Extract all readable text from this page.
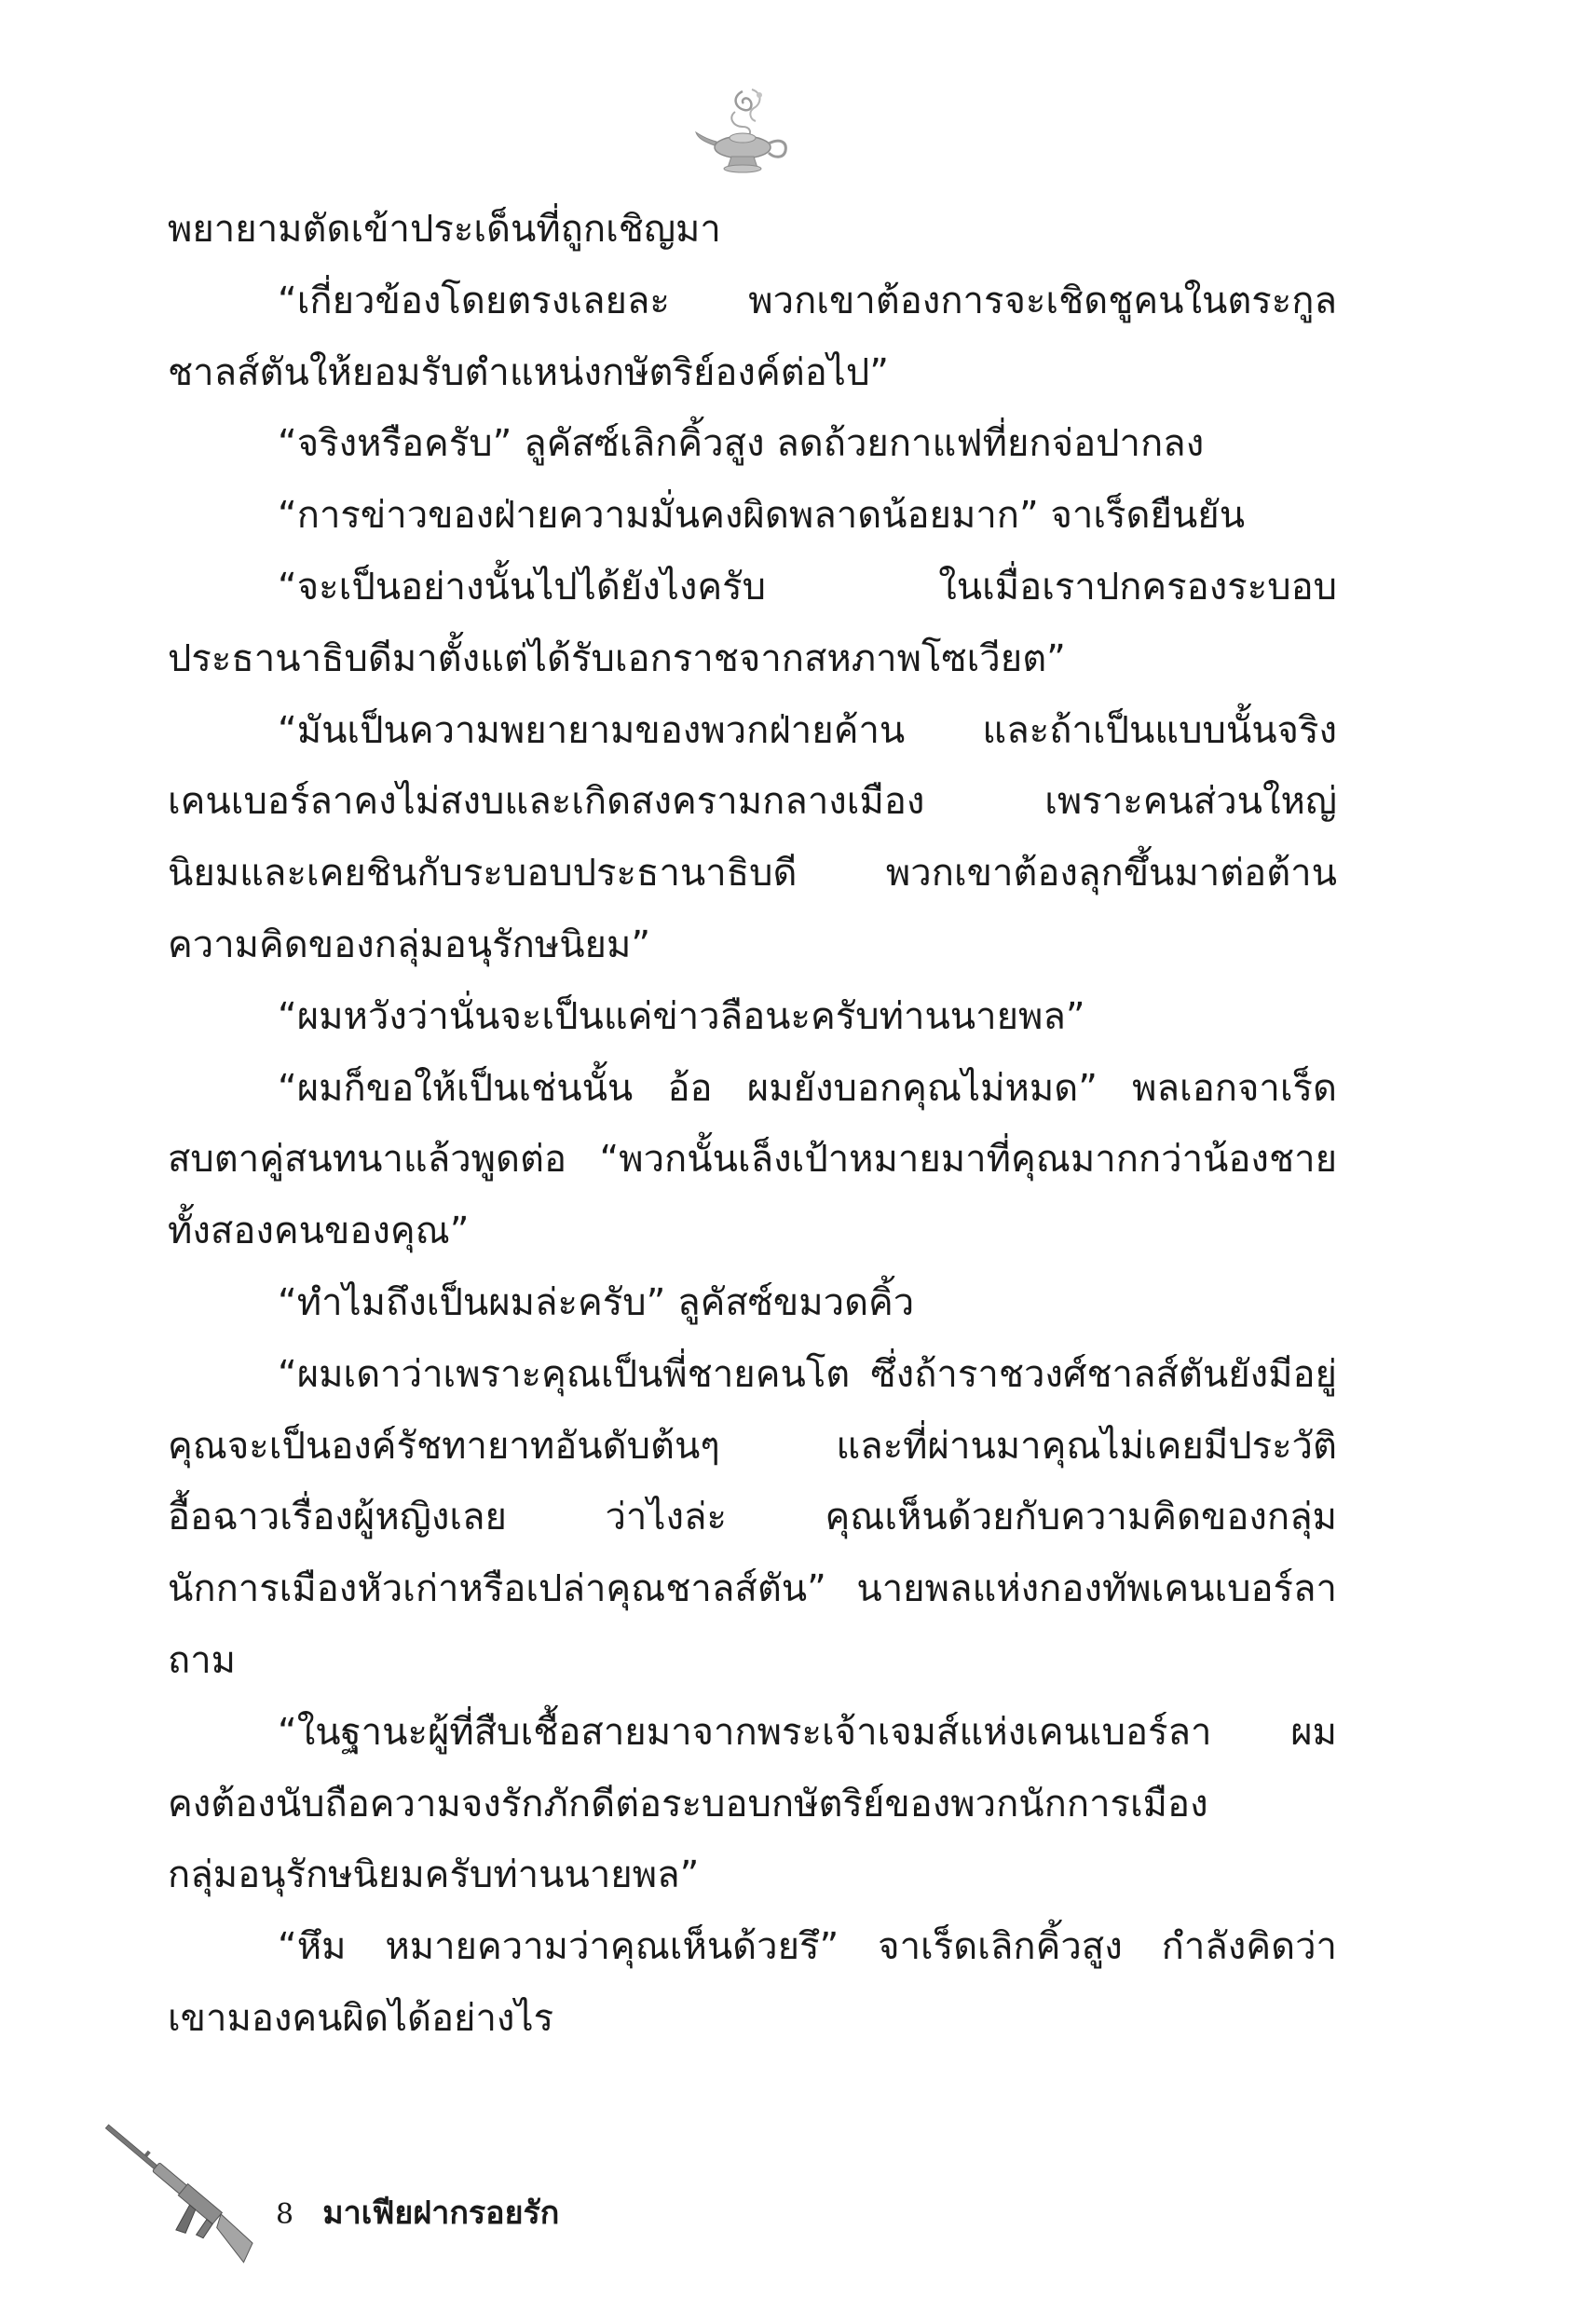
พยายามตัดเข้าประเด็นที่ถูกเชิญมา
“เกี่ยวข้องโดยตรงเลยละ พวกเขาต้องการจะเชิดชูคนในตระกูล
ชาลส์ตันให้ยอมรับตำแหน่งกษัตริย์องค์ต่อไป”
“จริงหรือครับ” ลูคัสซ์เลิกคิ้วสูง ลดถ้วยกาแฟที่ยกจ่อปากลง
“การข่าวของฝ่ายความมั่นคงผิดพลาดน้อยมาก” จาเร็ดยืนยัน
“จะเป็นอย่างนั้นไปได้ยังไงครับ ในเมื่อเราปกครองระบอบ
ประธานาธิบดีมาตั้งแต่ได้รับเอกราชจากสหภาพโซเวียต”
“มันเป็นความพยายามของพวกฝ่ายค้าน และถ้าเป็นแบบนั้นจริง
เคนเบอร์ลาคงไม่สงบและเกิดสงครามกลางเมือง เพราะคนส่วนใหญ่
นิยมและเคยชินกับระบอบประธานาธิบดี พวกเขาต้องลุกขึ้นมาต่อต้าน
ความคิดของกลุ่มอนุรักษนิยม”
“ผมหวังว่านั่นจะเป็นแค่ข่าวลือนะครับท่านนายพล”
“ผมก็ขอให้เป็นเช่นนั้น อ้อ ผมยังบอกคุณไม่หมด” พลเอกจาเร็ด
สบตาคู่สนทนาแล้วพูดต่อ “พวกนั้นเล็งเป้าหมายมาที่คุณมากกว่าน้องชาย
ทั้งสองคนของคุณ”
“ทำไมถึงเป็นผมล่ะครับ” ลูคัสซ์ขมวดคิ้ว
“ผมเดาว่าเพราะคุณเป็นพี่ชายคนโต ซึ่งถ้าราชวงศ์ชาลส์ตันยังมีอยู่
คุณจะเป็นองค์รัชทายาทอันดับต้นๆ และที่ผ่านมาคุณไม่เคยมีประวัติ
อื้อฉาวเรื่องผู้หญิงเลย ว่าไงล่ะ คุณเห็นด้วยกับความคิดของกลุ่ม
นักการเมืองหัวเก่าหรือเปล่าคุณชาลส์ตัน” นายพลแห่งกองทัพเคนเบอร์ลา
ถาม
“ในฐานะผู้ที่สืบเชื้อสายมาจากพระเจ้าเจมส์แห่งเคนเบอร์ลา ผม
คงต้องนับถือความจงรักภักดีต่อระบอบกษัตริย์ของพวกนักการเมือง
กลุ่มอนุรักษนิยมครับท่านนายพล”
“หึม หมายความว่าคุณเห็นด้วยรึ” จาเร็ดเลิกคิ้วสูง กำลังคิดว่า
เขามองคนผิดได้อย่างไร
8 มาเฟียฝากรอยรัก
